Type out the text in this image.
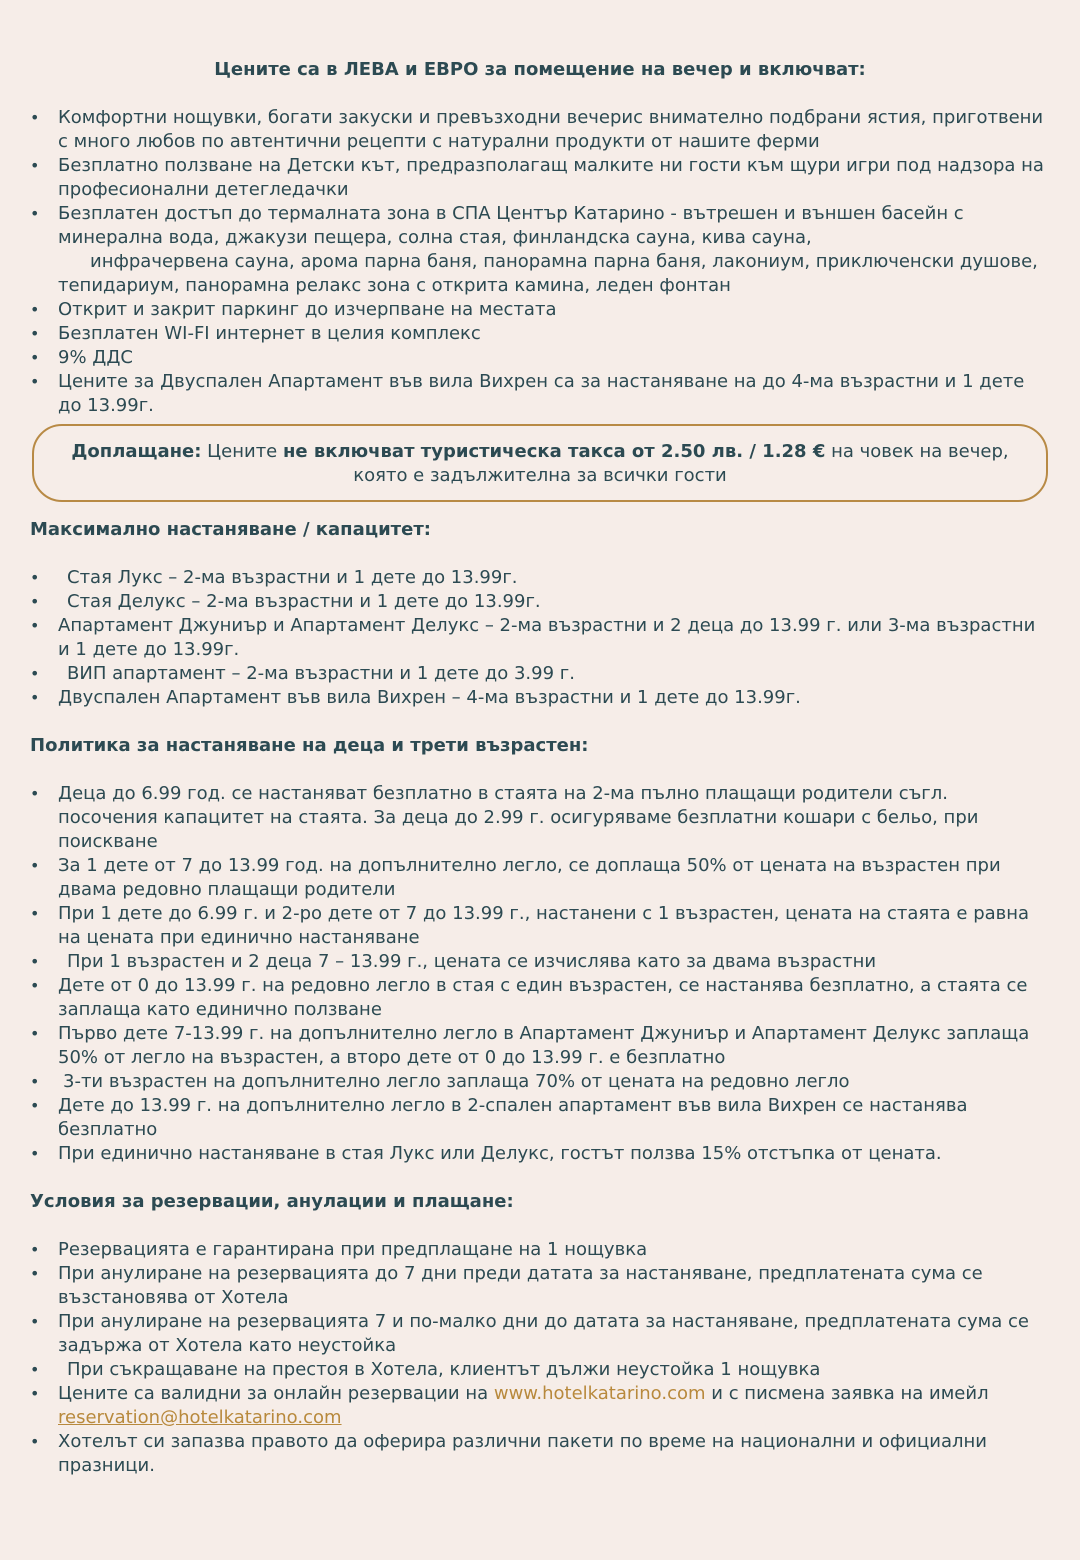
Цените са в ЛЕВА и ЕВРО за помещение на вечер и включват:
• Комфортни нощувки, богати закуски и превъзходни вечерис внимателно подбрани ястия, приготвени с много любов по автентични рецепти с натурални продукти от нашите ферми
• Безплатно ползване на Детски кът, предразполагащ малките ни гости към щури игри под надзора на професионални детегледачки
• Безплатен достъп до термалната зона в СПА Център Катарино - вътрешен и външен басейн с минерална вода, джакузи пещера, солна стая, финландска сауна, кива сауна,
инфрачервена сауна, арома парна баня, панорамна парна баня, лакониум, приключенски душове, тепидариум, панорамна релакс зона с открита камина, леден фонтан
• Открит и закрит паркинг до изчерпване на местата
• Безплатен WI-FI интернет в целия комплекс
• 9% ДДС
• Цените за Двуспален Апартамент във вила Вихрен са за настаняване на до 4-ма възрастни и 1 дете до 13.99г.
Доплащане: Цените не включват туристическа такса от 2.50 лв. / 1.28 € на човек на вечер,
която е задължителна за всички гости
Максимално настаняване / капацитет:
• Стая Лукс – 2-ма възрастни и 1 дете до 13.99г.
• Стая Делукс – 2-ма възрастни и 1 дете до 13.99г.
• Апартамент Джуниър и Апартамент Делукс – 2-ма възрастни и 2 деца до 13.99 г. или 3-ма възрастни и 1 дете до 13.99г.
• ВИП апартамент – 2-ма възрастни и 1 дете до 3.99 г.
• Двуспален Апартамент във вила Вихрен – 4-ма възрастни и 1 дете до 13.99г.
Политика за настаняване на деца и трети възрастен:
• Деца до 6.99 год. се настаняват безплатно в стаята на 2-ма пълно плащащи родители съгл. посочения капацитет на стаята. За деца до 2.99 г. осигуряваме безплатни кошари с бельо, при поискване
• За 1 дете от 7 до 13.99 год. на допълнително легло, се доплаща 50% от цената на възрастен при двама редовно плащащи родители
• При 1 дете до 6.99 г. и 2-ро дете от 7 до 13.99 г., настанени с 1 възрастен, цената на стаята е равна на цената при единично настаняване
• При 1 възрастен и 2 деца 7 – 13.99 г., цената се изчислява като за двама възрастни
• Дете от 0 до 13.99 г. на редовно легло в стая с един възрастен, се настанява безплатно, а стаята се заплаща като единично ползване
• Първо дете 7-13.99 г. на допълнително легло в Апартамент Джуниър и Апартамент Делукс заплаща 50% от легло на възрастен, а второ дете от 0 до 13.99 г. е безплатно
• 3-ти възрастен на допълнително легло заплаща 70% от цената на редовно легло
• Дете до 13.99 г. на допълнително легло в 2-спален апартамент във вила Вихрен се настанява безплатно
• При единично настаняване в стая Лукс или Делукс, гостът ползва 15% отстъпка от цената.
Условия за резервации, анулации и плащане:
• Резервацията е гарантирана при предплащане на 1 нощувка
• При анулиране на резервацията до 7 дни преди датата за настаняване, предплатената сума се възстановява от Хотела
• При анулиране на резервацията 7 и по-малко дни до датата за настаняване, предплатената сума се задържа от Хотела като неустойка
• При съкращаване на престоя в Хотела, клиентът дължи неустойка 1 нощувка
• Цените са валидни за онлайн резервации на www.hotelkatarino.com и с писмена заявка на имейл reservation@hotelkatarino.com
• Хотелът си запазва правото да оферира различни пакети по време на национални и официални празници.
